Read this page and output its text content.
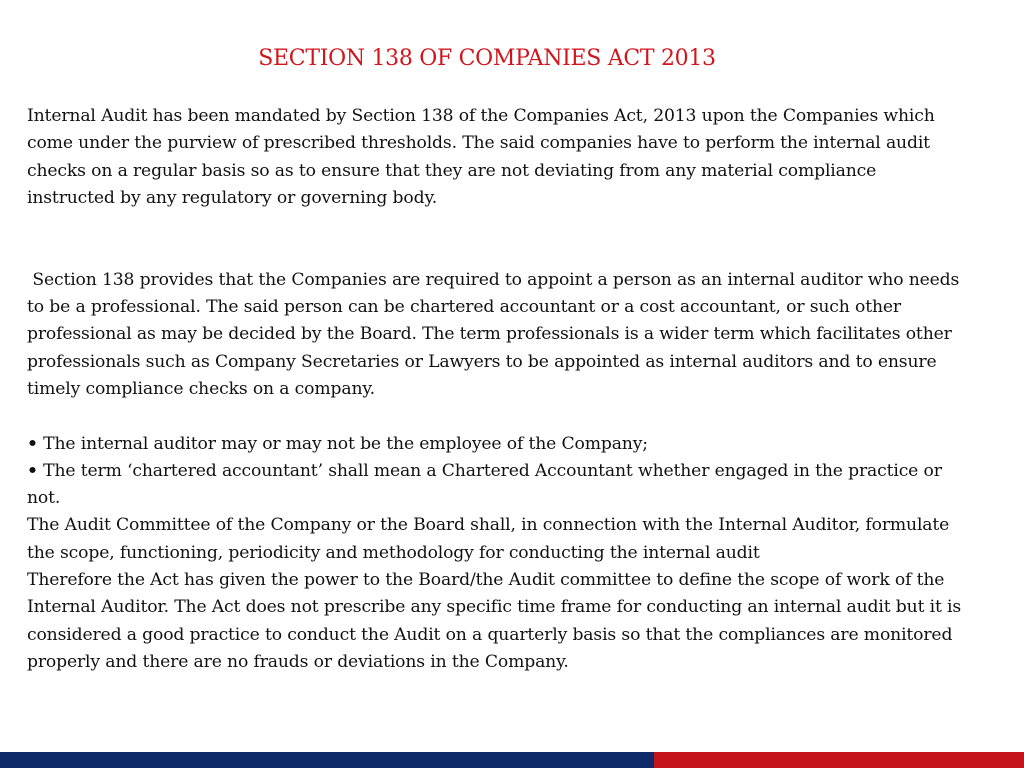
SECTION 138 OF COMPANIES ACT 2013

Internal Audit has been mandated by Section 138 of the Companies Act, 2013 upon the Companies which come under the purview of prescribed thresholds. The said companies have to perform the internal audit checks on a regular basis so as to ensure that they are not deviating from any material compliance instructed by any regulatory or governing body.

Section 138 provides that the Companies are required to appoint a person as an internal auditor who needs to be a professional. The said person can be chartered accountant or a cost accountant, or such other professional as may be decided by the Board. The term professionals is a wider term which facilitates other professionals such as Company Secretaries or Lawyers to be appointed as internal auditors and to ensure timely compliance checks on a company.

• The internal auditor may or may not be the employee of the Company;

• The term ‘chartered accountant’ shall mean a Chartered Accountant whether engaged in the practice or not.

The Audit Committee of the Company or the Board shall, in connection with the Internal Auditor, formulate the scope, functioning, periodicity and methodology for conducting the internal audit

Therefore the Act has given the power to the Board/the Audit committee to define the scope of work of the Internal Auditor. The Act does not prescribe any specific time frame for conducting an internal audit but it is considered a good practice to conduct the Audit on a quarterly basis so that the compliances are monitored properly and there are no frauds or deviations in the Company.
